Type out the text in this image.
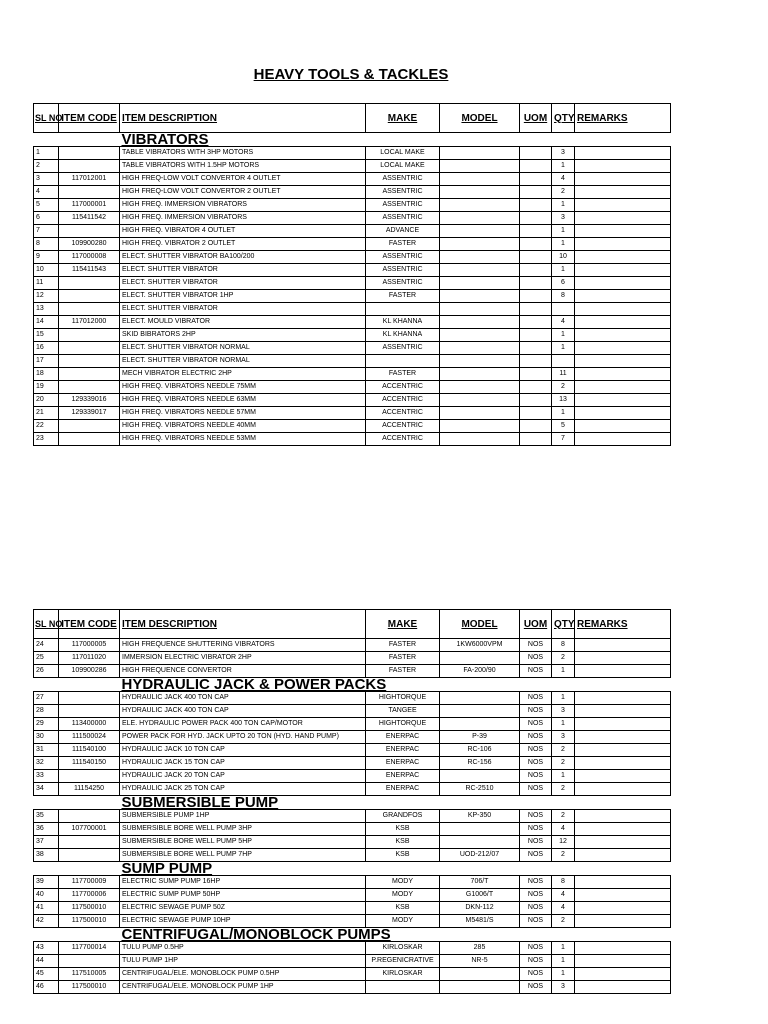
HEAVY TOOLS & TACKLES
SL NO	ITEM CODE	ITEM DESCRIPTION	MAKE	MODEL	UOM	QTY	REMARKS
		VIBRATORS					
1		TABLE VIBRATORS WITH 3HP MOTORS	LOCAL MAKE			3	
2		TABLE VIBRATORS WITH 1.5HP MOTORS	LOCAL MAKE			1	
3	117012001	HIGH FREQ-LOW VOLT CONVERTOR 4 OUTLET	ASSENTRIC			4	
4		HIGH FREQ-LOW VOLT CONVERTOR 2 OUTLET	ASSENTRIC			2	
5	117000001	HIGH FREQ. IMMERSION VIBRATORS	ASSENTRIC			1	
6	115411542	HIGH FREQ. IMMERSION VIBRATORS	ASSENTRIC			3	
7		HIGH FREQ. VIBRATOR 4 OUTLET	ADVANCE			1	
8	109900280	HIGH FREQ. VIBRATOR 2 OUTLET	FASTER			1	
9	117000008	ELECT. SHUTTER VIBRATOR BA100/200	ASSENTRIC			10	
10	115411543	ELECT. SHUTTER VIBRATOR	ASSENTRIC			1	
11		ELECT. SHUTTER VIBRATOR	ASSENTRIC			6	
12		ELECT. SHUTTER VIBRATOR 1HP	FASTER			8	
13		ELECT. SHUTTER VIBRATOR					
14	117012000	ELECT. MOULD VIBRATOR	KL KHANNA			4	
15		SKID BIBRATORS 2HP	KL KHANNA			1	
16		ELECT. SHUTTER VIBRATOR NORMAL	ASSENTRIC			1	
17		ELECT. SHUTTER VIBRATOR NORMAL					
18		MECH VIBRATOR ELECTRIC 2HP	FASTER			11	
19		HIGH FREQ. VIBRATORS NEEDLE 75MM	ACCENTRIC			2	
20	129339016	HIGH FREQ. VIBRATORS NEEDLE 63MM	ACCENTRIC			13	
21	129339017	HIGH FREQ. VIBRATORS NEEDLE 57MM	ACCENTRIC			1	
22		HIGH FREQ. VIBRATORS NEEDLE 40MM	ACCENTRIC			5	
23		HIGH FREQ. VIBRATORS NEEDLE 53MM	ACCENTRIC			7	
SL NO	ITEM CODE	ITEM DESCRIPTION	MAKE	MODEL	UOM	QTY	REMARKS
24	117000005	HIGH FREQUENCE SHUTTERING VIBRATORS	FASTER	1KW6000VPM	NOS	8	
25	117011020	IMMERSION ELECTRIC VIBRATOR 2HP	FASTER		NOS	2	
26	109900286	HIGH FREQUENCE CONVERTOR	FASTER	FA-200/90	NOS	1	
		HYDRAULIC JACK & POWER PACKS					
27		HYDRAULIC JACK 400 TON CAP	HIGHTORQUE		NOS	1	
28		HYDRAULIC JACK 400 TON CAP	TANGEE		NOS	3	
29	113400000	ELE. HYDRAULIC POWER PACK 400 TON CAP/MOTOR	HIGHTORQUE		NOS	1	
30	111500024	POWER PACK FOR HYD. JACK UPTO 20 TON (HYD. HAND PUMP)	ENERPAC	P-39	NOS	3	
31	111540100	HYDRAULIC JACK 10 TON CAP	ENERPAC	RC-106	NOS	2	
32	111540150	HYDRAULIC JACK 15 TON CAP	ENERPAC	RC-156	NOS	2	
33		HYDRAULIC JACK 20 TON CAP	ENERPAC		NOS	1	
34	11154250	HYDRAULIC JACK 25 TON CAP	ENERPAC	RC-2510	NOS	2	
		SUBMERSIBLE PUMP					
35		SUBMERSIBLE PUMP 1HP	GRANDFOS	KP-350	NOS	2	
36	107700001	SUBMERSIBLE BORE WELL PUMP 3HP	KSB		NOS	4	
37		SUBMERSIBLE BORE WELL PUMP 5HP	KSB		NOS	12	
38		SUBMERSIBLE BORE WELL PUMP 7HP	KSB	UOD-212/07	NOS	2	
		SUMP PUMP					
39	117700009	ELECTRIC SUMP PUMP 16HP	MODY	706/T	NOS	8	
40	117700006	ELECTRIC SUMP PUMP 50HP	MODY	G1006/T	NOS	4	
41	117500010	ELECTRIC SEWAGE PUMP 50Z	KSB	DKN-112	NOS	4	
42	117500010	ELECTRIC SEWAGE PUMP 10HP	MODY	M5481/S	NOS	2	
		CENTRIFUGAL/MONOBLOCK PUMPS					
43	117700014	TULU PUMP 0.5HP	KIRLOSKAR	285	NOS	1	
44		TULU PUMP 1HP	P.REGENICRATIVE	NR-5	NOS	1	
45	117510005	CENTRIFUGAL/ELE. MONOBLOCK PUMP 0.5HP	KIRLOSKAR		NOS	1	
46	117500010	CENTRIFUGAL/ELE. MONOBLOCK PUMP 1HP			NOS	3	
